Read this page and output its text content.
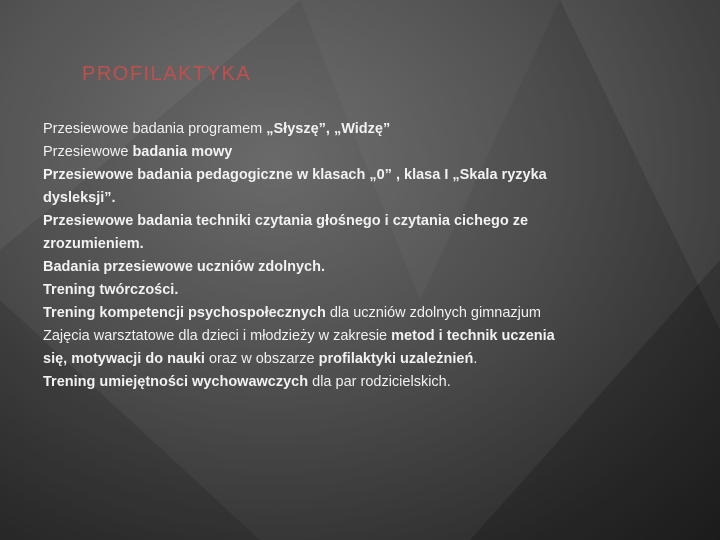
PROFILAKTYKA
Przesiewowe badania programem „Słyszę”, „Widzę”
Przesiewowe badania mowy
Przesiewowe badania pedagogiczne w klasach „0” , klasa I „Skala ryzyka
dysleksji”.
Przesiewowe badania techniki czytania głośnego i czytania cichego ze
zrozumieniem.
Badania przesiewowe uczniów zdolnych.
Trening twórczości.
Trening kompetencji psychospołecznych dla uczniów zdolnych gimnazjum
Zajęcia warsztatowe dla dzieci i młodzieży w zakresie metod i technik uczenia
się, motywacji do nauki oraz w obszarze profilaktyki uzależnień.
Trening umiejętności wychowawczych dla par rodzicielskich.
